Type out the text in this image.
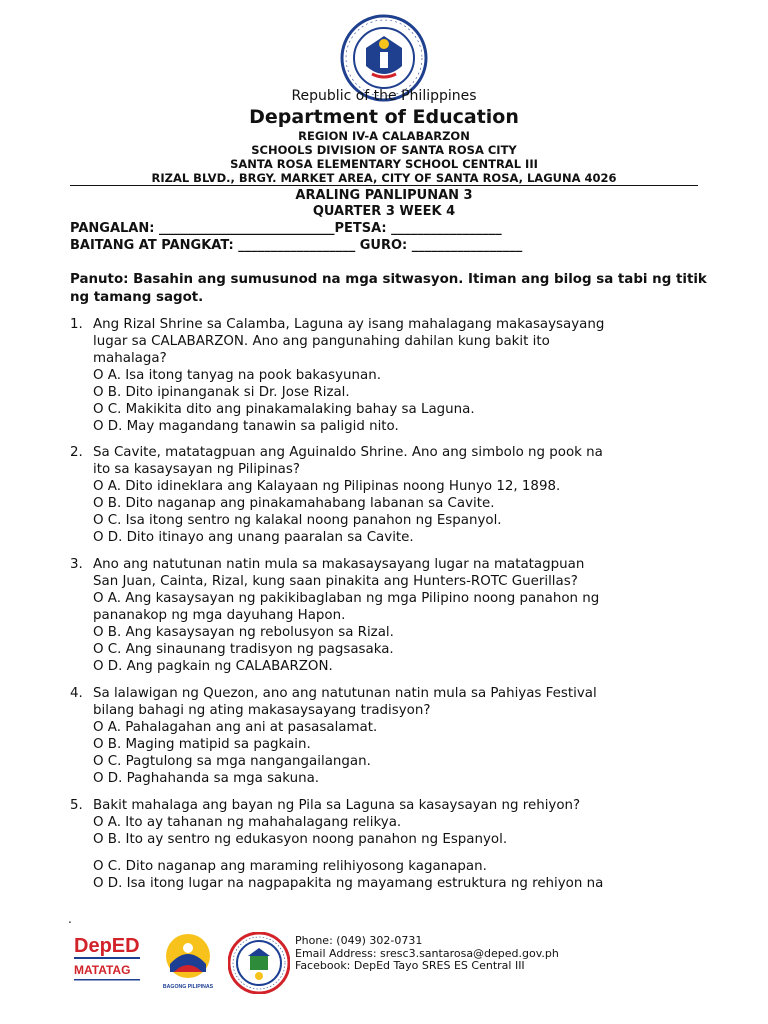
Republic of the Philippines
Department of Education
REGION IV-A CALABARZON
SCHOOLS DIVISION OF SANTA ROSA CITY
SANTA ROSA ELEMENTARY SCHOOL CENTRAL III
RIZAL BLVD., BRGY. MARKET AREA, CITY OF SANTA ROSA, LAGUNA 4026
ARALING PANLIPUNAN 3
QUARTER 3 WEEK 4
PANGALAN: ___________________________PETSA: _________________
BAITANG AT PANGKAT: __________________ GURO: _________________
Panuto: Basahin ang sumusunod na mga sitwasyon. Itiman ang bilog sa tabi ng titik ng tamang sagot.
1. Ang Rizal Shrine sa Calamba, Laguna ay isang mahalagang makasaysayang
lugar sa CALABARZON. Ano ang pangunahing dahilan kung bakit ito
mahalaga?
O A. Isa itong tanyag na pook bakasyunan.
O B. Dito ipinanganak si Dr. Jose Rizal.
O C. Makikita dito ang pinakamalaking bahay sa Laguna.
O D. May magandang tanawin sa paligid nito.
2. Sa Cavite, matatagpuan ang Aguinaldo Shrine. Ano ang simbolo ng pook na
ito sa kasaysayan ng Pilipinas?
O A. Dito idineklara ang Kalayaan ng Pilipinas noong Hunyo 12, 1898.
O B. Dito naganap ang pinakamahabang labanan sa Cavite.
O C. Isa itong sentro ng kalakal noong panahon ng Espanyol.
O D. Dito itinayo ang unang paaralan sa Cavite.
3. Ano ang natutunan natin mula sa makasaysayang lugar na matatagpuan
San Juan, Cainta, Rizal, kung saan pinakita ang Hunters-ROTC Guerillas?
O A. Ang kasaysayan ng pakikibaglaban ng mga Pilipino noong panahon ng
pananakop ng mga dayuhang Hapon.
O B. Ang kasaysayan ng rebolusyon sa Rizal.
O C. Ang sinaunang tradisyon ng pagsasaka.
O D. Ang pagkain ng CALABARZON.
4. Sa lalawigan ng Quezon, ano ang natutunan natin mula sa Pahiyas Festival
bilang bahagi ng ating makasaysayang tradisyon?
O A. Pahalagahan ang ani at pasasalamat.
O B. Maging matipid sa pagkain.
O C. Pagtulong sa mga nangangailangan.
O D. Paghahanda sa mga sakuna.
5. Bakit mahalaga ang bayan ng Pila sa Laguna sa kasaysayan ng rehiyon?
O A. Ito ay tahanan ng mahahalagang relikya.
O B. Ito ay sentro ng edukasyon noong panahon ng Espanyol.
O C. Dito naganap ang maraming relihiyosong kaganapan.
O D. Isa itong lugar na nagpapakita ng mayamang estruktura ng rehiyon na
.
DepED
MATATAG
BAGONG PILIPINAS
Phone: (049) 302-0731
Email Address: sresc3.santarosa@deped.gov.ph
Facebook: DepEd Tayo SRES ES Central III
